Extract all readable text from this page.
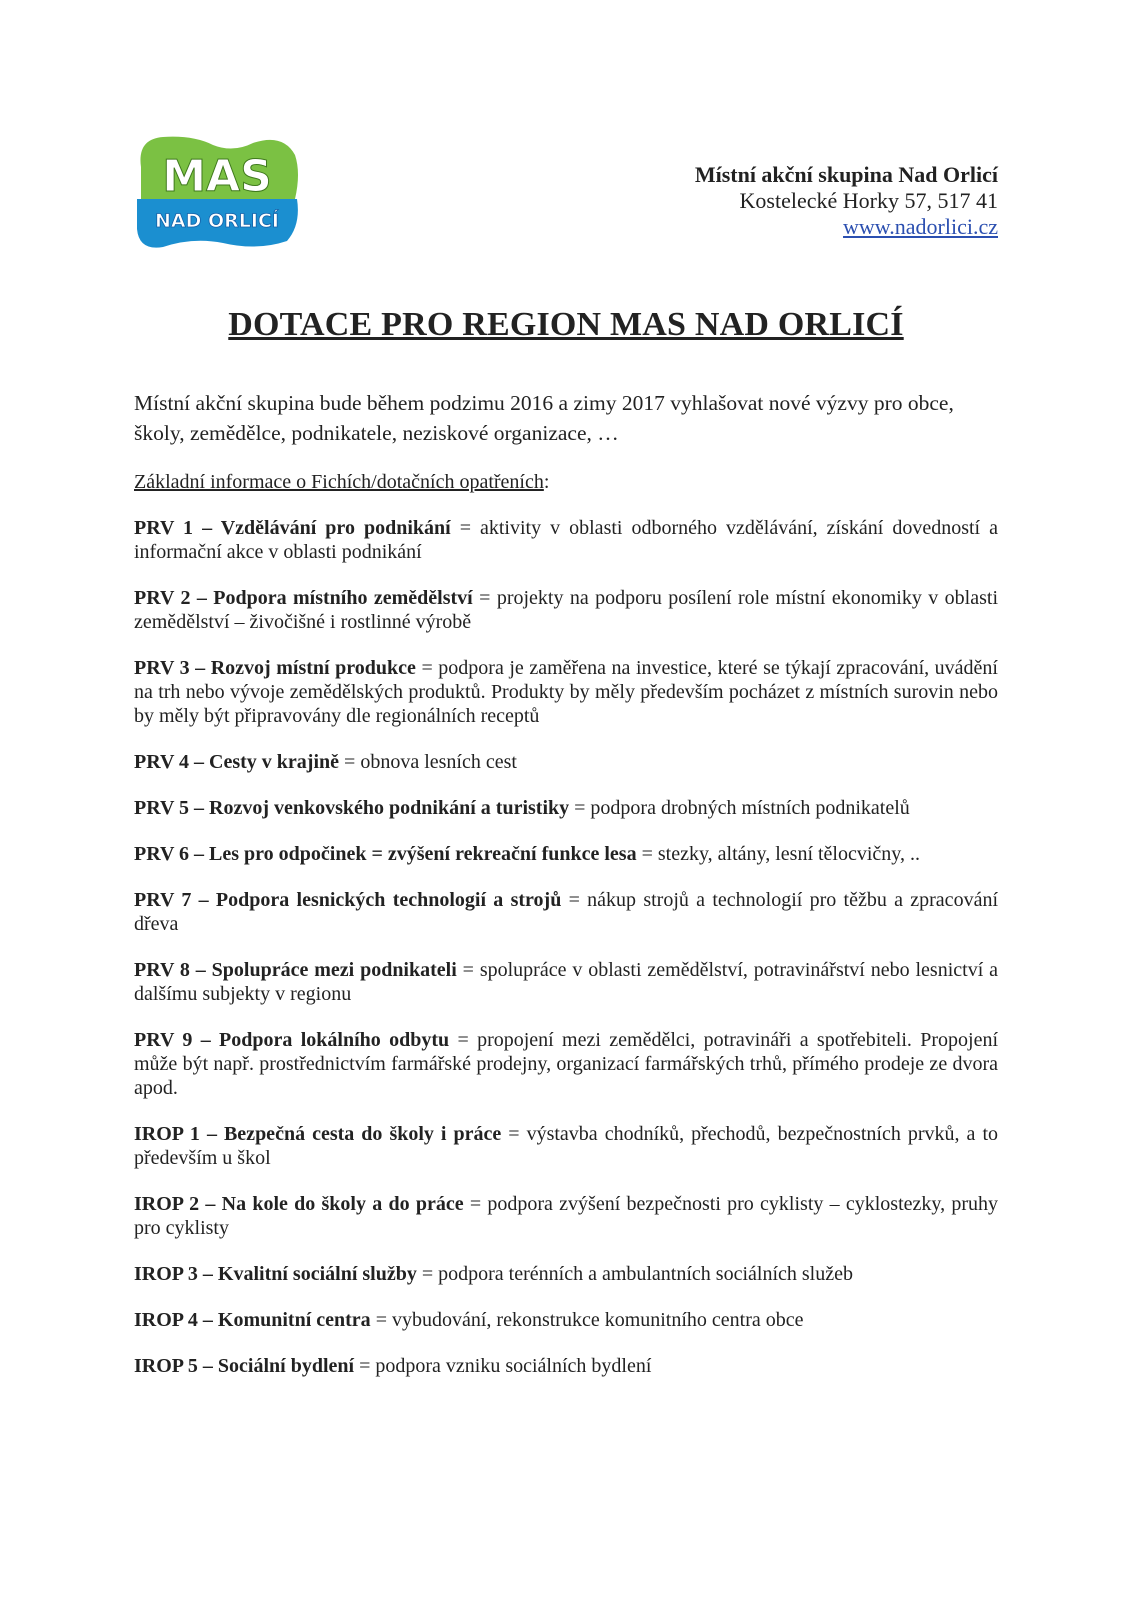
MAS
NAD ORLICÍ
Místní akční skupina Nad Orlicí
Kostelecké Horky 57, 517 41
www.nadorlici.cz
DOTACE PRO REGION MAS NAD ORLICÍ

Místní akční skupina bude během podzimu 2016 a zimy 2017 vyhlašovat nové výzvy pro obce, školy, zemědělce, podnikatele, neziskové organizace, …

Základní informace o Fichích/dotačních opatřeních:

PRV 1 – Vzdělávání pro podnikání = aktivity v oblasti odborného vzdělávání, získání dovedností a informační akce v oblasti podnikání

PRV 2 – Podpora místního zemědělství = projekty na podporu posílení role místní ekonomiky v oblasti zemědělství – živočišné i rostlinné výrobě

PRV 3 – Rozvoj místní produkce = podpora je zaměřena na investice, které se týkají zpracování, uvádění na trh nebo vývoje zemědělských produktů. Produkty by měly především pocházet z místních surovin nebo by měly být připravovány dle regionálních receptů

PRV 4 – Cesty v krajině = obnova lesních cest

PRV 5 – Rozvoj venkovského podnikání a turistiky = podpora drobných místních podnikatelů

PRV 6 – Les pro odpočinek = zvýšení rekreační funkce lesa = stezky, altány, lesní tělocvičny, ..

PRV 7 – Podpora lesnických technologií a strojů = nákup strojů a technologií pro těžbu a zpracování dřeva

PRV 8 – Spolupráce mezi podnikateli = spolupráce v oblasti zemědělství, potravinářství nebo lesnictví a dalšímu subjekty v regionu

PRV 9 – Podpora lokálního odbytu = propojení mezi zemědělci, potravináři a spotřebiteli. Propojení může být např. prostřednictvím farmářské prodejny, organizací farmářských trhů, přímého prodeje ze dvora apod.

IROP 1 – Bezpečná cesta do školy i práce = výstavba chodníků, přechodů, bezpečnostních prvků, a to především u škol

IROP 2 – Na kole do školy a do práce = podpora zvýšení bezpečnosti pro cyklisty – cyklostezky, pruhy pro cyklisty

IROP 3 – Kvalitní sociální služby = podpora terénních a ambulantních sociálních služeb

IROP 4 – Komunitní centra = vybudování, rekonstrukce komunitního centra obce

IROP 5 – Sociální bydlení = podpora vzniku sociálních bydlení
